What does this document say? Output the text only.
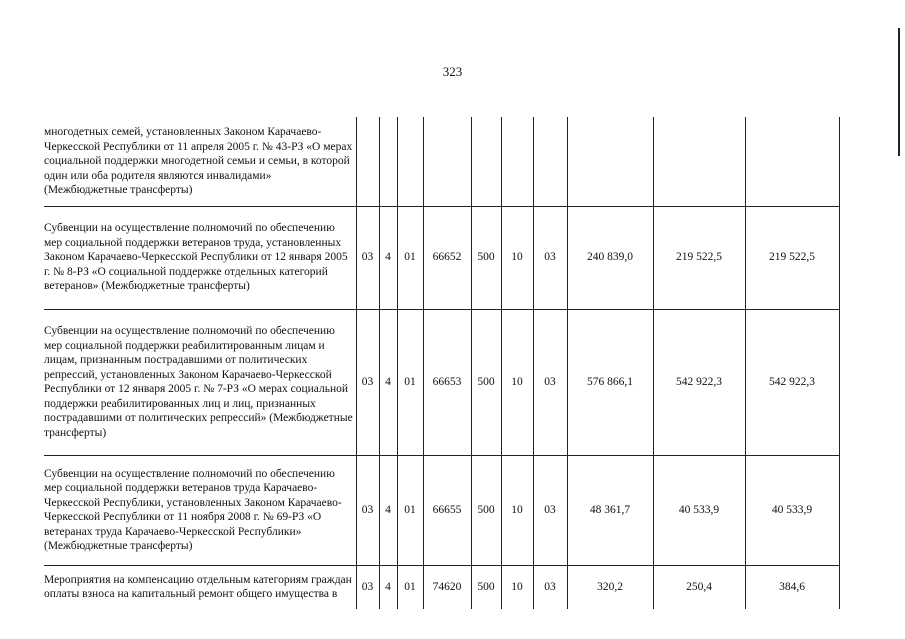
323
многодетных семей, установленных Законом Карачаево-Черкесской Республики от 11 апреля 2005 г. № 43-РЗ «О мерах социальной поддержки многодетной семьи и семьи, в которой один или оба родителя являются инвалидами» (Межбюджетные трансферты)										
Субвенции на осуществление полномочий по обеспечению мер социальной поддержки ветеранов труда, установленных Законом Карачаево-Черкесской Республики от 12 января 2005 г. № 8-РЗ «О социальной поддержке отдельных категорий ветеранов» (Межбюджетные трансферты)	03	4	01	66652	500	10	03	240 839,0	219 522,5	219 522,5
Субвенции на осуществление полномочий по обеспечению мер социальной поддержки реабилитированным лицам и лицам, признанным пострадавшими от политических репрессий, установленных Законом Карачаево-Черкесской Республики от 12 января 2005 г. № 7-РЗ «О мерах социальной поддержки реабилитированных лиц и лиц, признанных пострадавшими от политических репрессий» (Межбюджетные трансферты)	03	4	01	66653	500	10	03	576 866,1	542 922,3	542 922,3
Субвенции на осуществление полномочий по обеспечению мер социальной поддержки ветеранов труда Карачаево-Черкесской Республики, установленных Законом Карачаево-Черкесской Республики от 11 ноября 2008 г. № 69-РЗ «О ветеранах труда Карачаево-Черкесской Республики» (Межбюджетные трансферты)	03	4	01	66655	500	10	03	48 361,7	40 533,9	40 533,9
Мероприятия на компенсацию отдельным категориям граждан оплаты взноса на капитальный ремонт общего имущества в	03	4	01	74620	500	10	03	320,2	250,4	384,6
